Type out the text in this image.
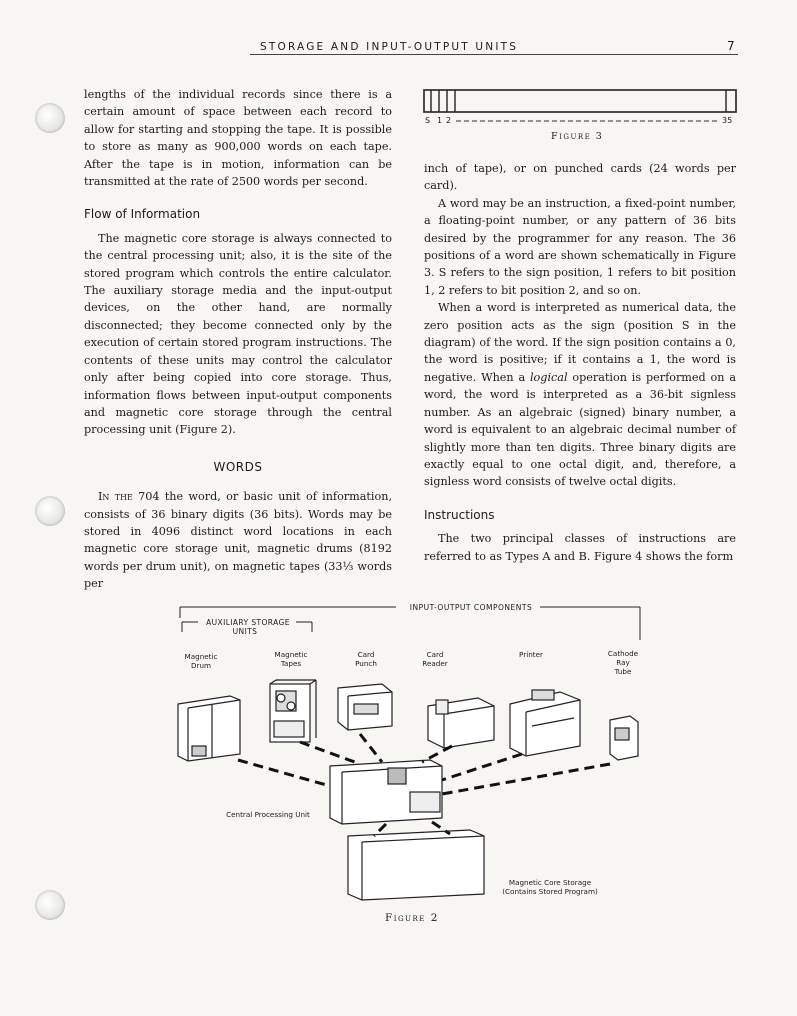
STORAGE AND INPUT-OUTPUT UNITS	7

lengths of the individual records since there is a certain amount of space between each record to allow for starting and stopping the tape. It is possible to store as many as 900,000 words on each tape. After the tape is in motion, information can be transmitted at the rate of 2500 words per second.

Flow of Information

The magnetic core storage is always connected to the central processing unit; also, it is the site of the stored program which controls the entire calculator. The auxiliary storage media and the input-output devices, on the other hand, are normally disconnected; they become connected only by the execution of certain stored program instructions. The contents of these units may control the calculator only after being copied into core storage. Thus, information flows between input-output components and magnetic core storage through the central processing unit (Figure 2).

WORDS

In the 704 the word, or basic unit of information, consists of 36 binary digits (36 bits). Words may be stored in 4096 distinct word locations in each magnetic core storage unit, magnetic drums (8192 words per drum unit), on magnetic tapes (33⅓ words per

S 1 2	35
Figure 3

inch of tape), or on punched cards (24 words per card).

A word may be an instruction, a fixed-point number, a floating-point number, or any pattern of 36 bits desired by the programmer for any reason. The 36 positions of a word are shown schematically in Figure 3. S refers to the sign position, 1 refers to bit position 1, 2 refers to bit position 2, and so on.

When a word is interpreted as numerical data, the zero position acts as the sign (position S in the diagram) of the word. If the sign position contains a 0, the word is positive; if it contains a 1, the word is negative. When a logical operation is performed on a word, the word is interpreted as a 36-bit signless number. As an algebraic (signed) binary number, a word is equivalent to an algebraic decimal number of slightly more than ten digits. Three binary digits are exactly equal to one octal digit, and, therefore, a signless word consists of twelve octal digits.

Instructions

The two principal classes of instructions are referred to as Types A and B. Figure 4 shows the form

INPUT-OUTPUT COMPONENTS
AUXILIARY STORAGE
UNITS
Magnetic
Drum
Magnetic
Tapes
Card
Punch
Card
Reader
Printer	Cathode
Ray
Tube
Central Processing Unit
Magnetic Core Storage
(Contains Stored Program)
Figure 2
